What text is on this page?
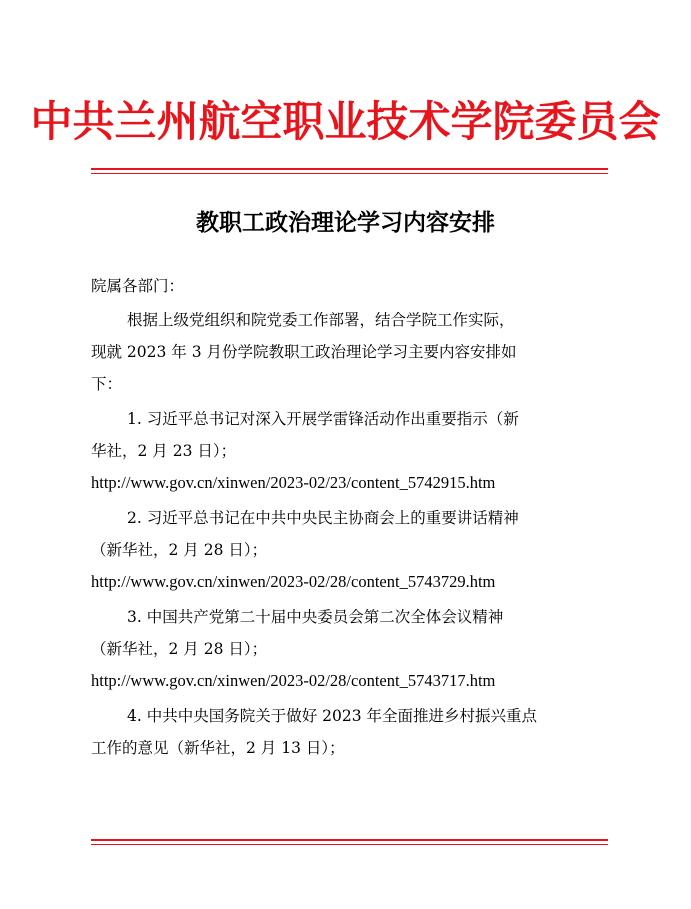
中共兰州航空职业技术学院委员会
教职工政治理论学习内容安排
院属各部门：
根据上级党组织和院党委工作部署，结合学院工作实际，
现就 2023 年 3 月份学院教职工政治理论学习主要内容安排如
下：
1. 习近平总书记对深入开展学雷锋活动作出重要指示（新
华社，2 月 23 日）；
http://www.gov.cn/xinwen/2023-02/23/content_5742915.htm
2. 习近平总书记在中共中央民主协商会上的重要讲话精神
（新华社，2 月 28 日）；
http://www.gov.cn/xinwen/2023-02/28/content_5743729.htm
3. 中国共产党第二十届中央委员会第二次全体会议精神
（新华社，2 月 28 日）；
http://www.gov.cn/xinwen/2023-02/28/content_5743717.htm
4. 中共中央国务院关于做好 2023 年全面推进乡村振兴重点
工作的意见（新华社，2 月 13 日）；
